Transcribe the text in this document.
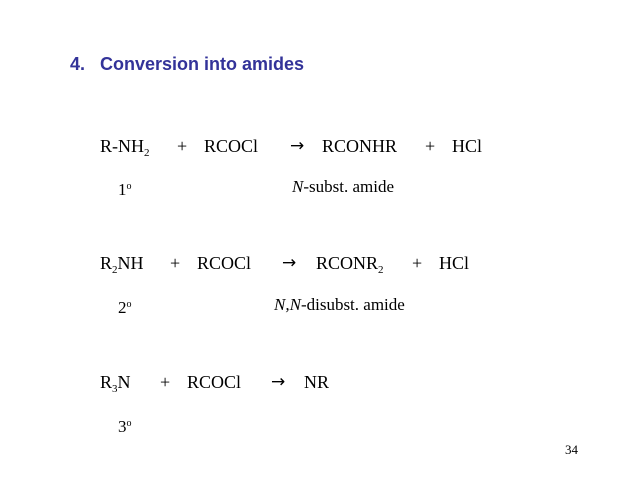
4. Conversion into amides
$R-NH_2$ + RCOCl → RCONHR + HCl
1$^o$	N-subst. amide
$R_2NH$ + RCOCl → $RCONR_2$ + HCl
2$^o$	N,N-disubst. amide
$R_3N$ + RCOCl → NR
3$^o$
34
